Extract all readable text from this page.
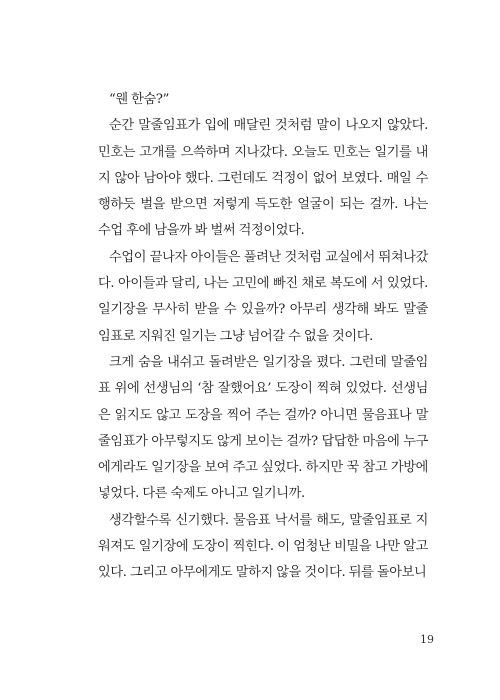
“웬 한숨?”

순간 말줄임표가 입에 매달린 것처럼 말이 나오지 않았다. 민호는 고개를 으쓱하며 지나갔다. 오늘도 민호는 일기를 내지 않아 남아야 했다. 그런데도 걱정이 없어 보였다. 매일 수행하듯 벌을 받으면 저렇게 득도한 얼굴이 되는 걸까. 나는 수업 후에 남을까 봐 벌써 걱정이었다.

수업이 끝나자 아이들은 풀려난 것처럼 교실에서 뛰쳐나갔다. 아이들과 달리, 나는 고민에 빠진 채로 복도에 서 있었다. 일기장을 무사히 받을 수 있을까? 아무리 생각해 봐도 말줄임표로 지워진 일기는 그냥 넘어갈 수 없을 것이다.

크게 숨을 내쉬고 돌려받은 일기장을 폈다. 그런데 말줄임표 위에 선생님의 ‘참 잘했어요’ 도장이 찍혀 있었다. 선생님은 읽지도 않고 도장을 찍어 주는 걸까? 아니면 물음표나 말줄임표가 아무렇지도 않게 보이는 걸까? 답답한 마음에 누구에게라도 일기장을 보여 주고 싶었다. 하지만 꾹 참고 가방에 넣었다. 다른 숙제도 아니고 일기니까.

생각할수록 신기했다. 물음표 낙서를 해도, 말줄임표로 지워져도 일기장에 도장이 찍힌다. 이 엄청난 비밀을 나만 알고 있다. 그리고 아무에게도 말하지 않을 것이다. 뒤를 돌아보니

19
